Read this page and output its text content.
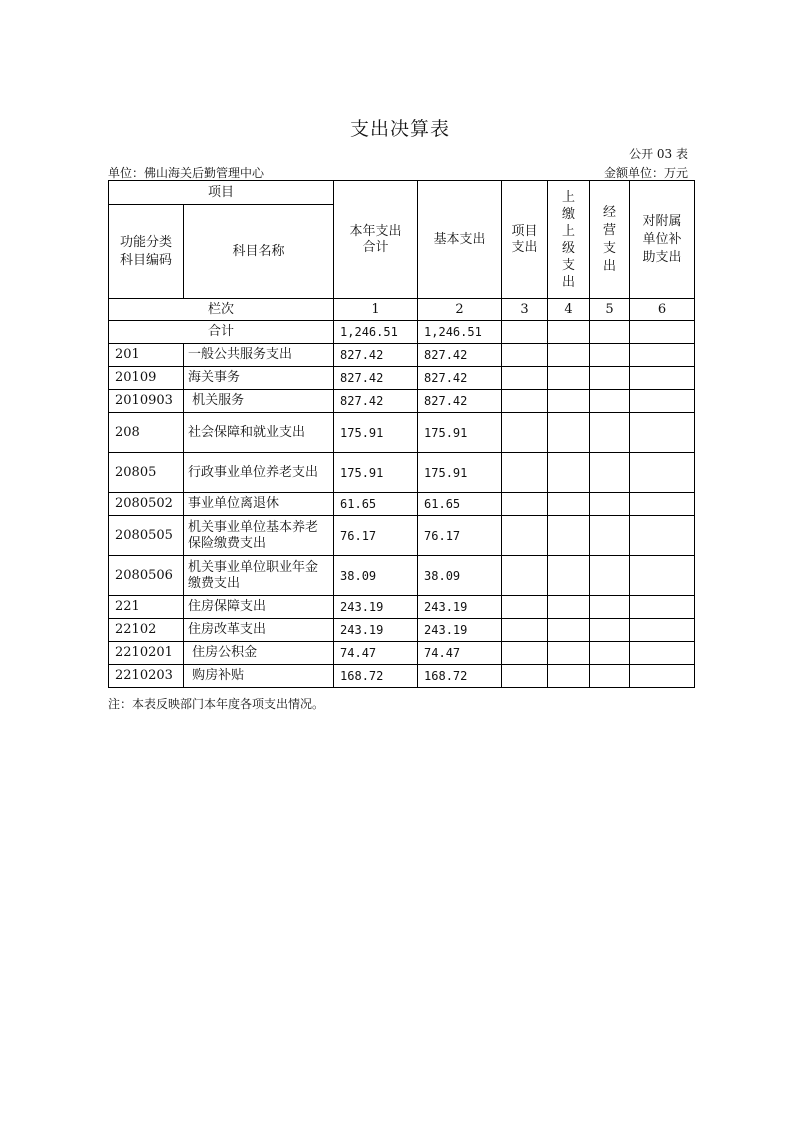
支出决算表
公开 03 表
单位：佛山海关后勤管理中心	金额单位：万元
项目		本年支出合计	基本支出	项目支出	上缴上级支出	经营支出	对附属单位补助支出

功能分类科目编码	科目名称						
栏次		1	2	3	4	5	6
合计		1,246.51	1,246.51				
201	一般公共服务支出	827.42	827.42				
20109	海关事务	827.42	827.42				
2010903	机关服务	827.42	827.42				
208	社会保障和就业支出	175.91	175.91				
20805	行政事业单位养老支出	175.91	175.91				
2080502	事业单位离退休	61.65	61.65				
2080505	机关事业单位基本养老保险缴费支出	76.17	76.17				
2080506	机关事业单位职业年金缴费支出	38.09	38.09				
221	住房保障支出	243.19	243.19				
22102	住房改革支出	243.19	243.19				
2210201	住房公积金	74.47	74.47				
2210203	购房补贴	168.72	168.72				
注：本表反映部门本年度各项支出情况。
